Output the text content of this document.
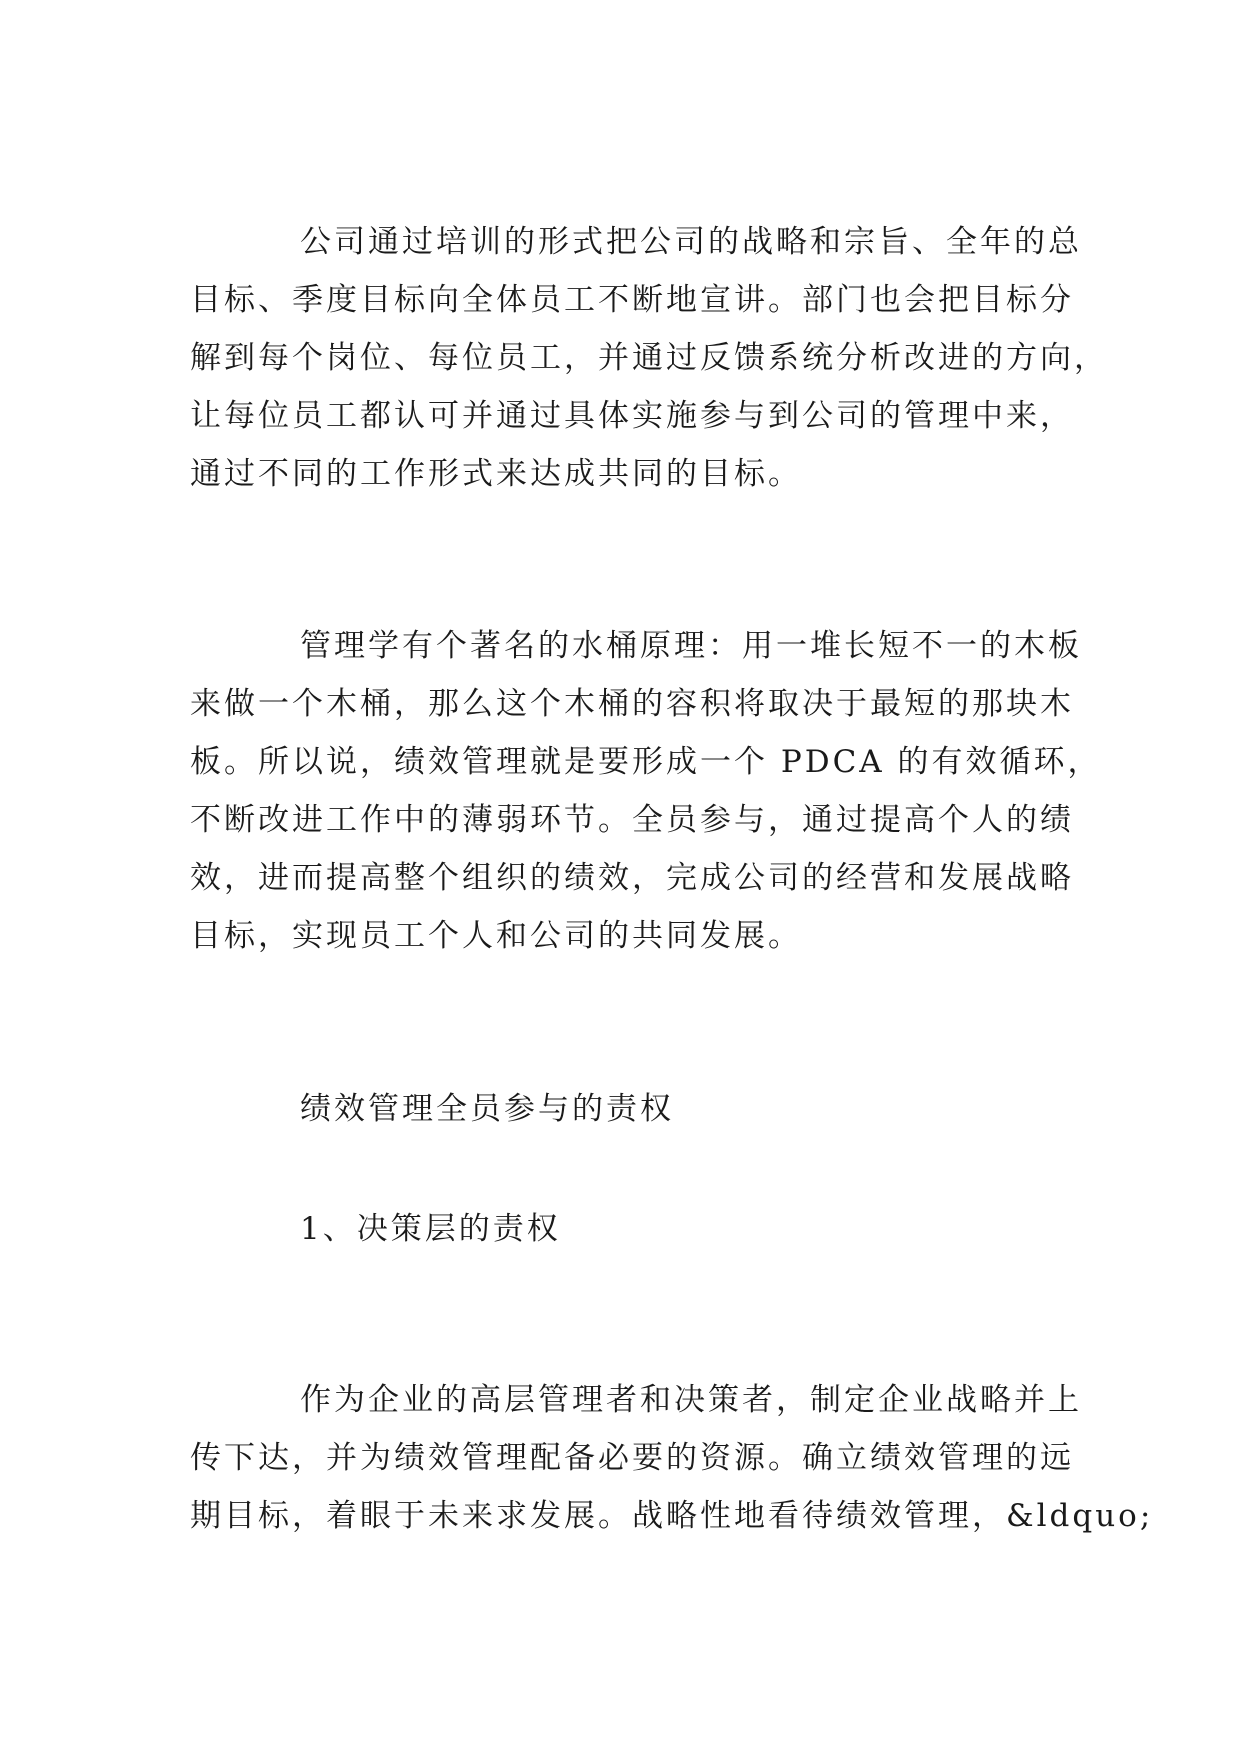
公司通过培训的形式把公司的战略和宗旨、全年的总
目标、季度目标向全体员工不断地宣讲。部门也会把目标分
解到每个岗位、每位员工，并通过反馈系统分析改进的方向，
让每位员工都认可并通过具体实施参与到公司的管理中来，
通过不同的工作形式来达成共同的目标。
管理学有个著名的水桶原理：用一堆长短不一的木板
来做一个木桶，那么这个木桶的容积将取决于最短的那块木
板。所以说，绩效管理就是要形成一个 PDCA 的有效循环，
不断改进工作中的薄弱环节。全员参与，通过提高个人的绩
效，进而提高整个组织的绩效，完成公司的经营和发展战略
目标，实现员工个人和公司的共同发展。
绩效管理全员参与的责权
1、决策层的责权
作为企业的高层管理者和决策者，制定企业战略并上
传下达，并为绩效管理配备必要的资源。确立绩效管理的远
期目标，着眼于未来求发展。战略性地看待绩效管理，&ldquo;
